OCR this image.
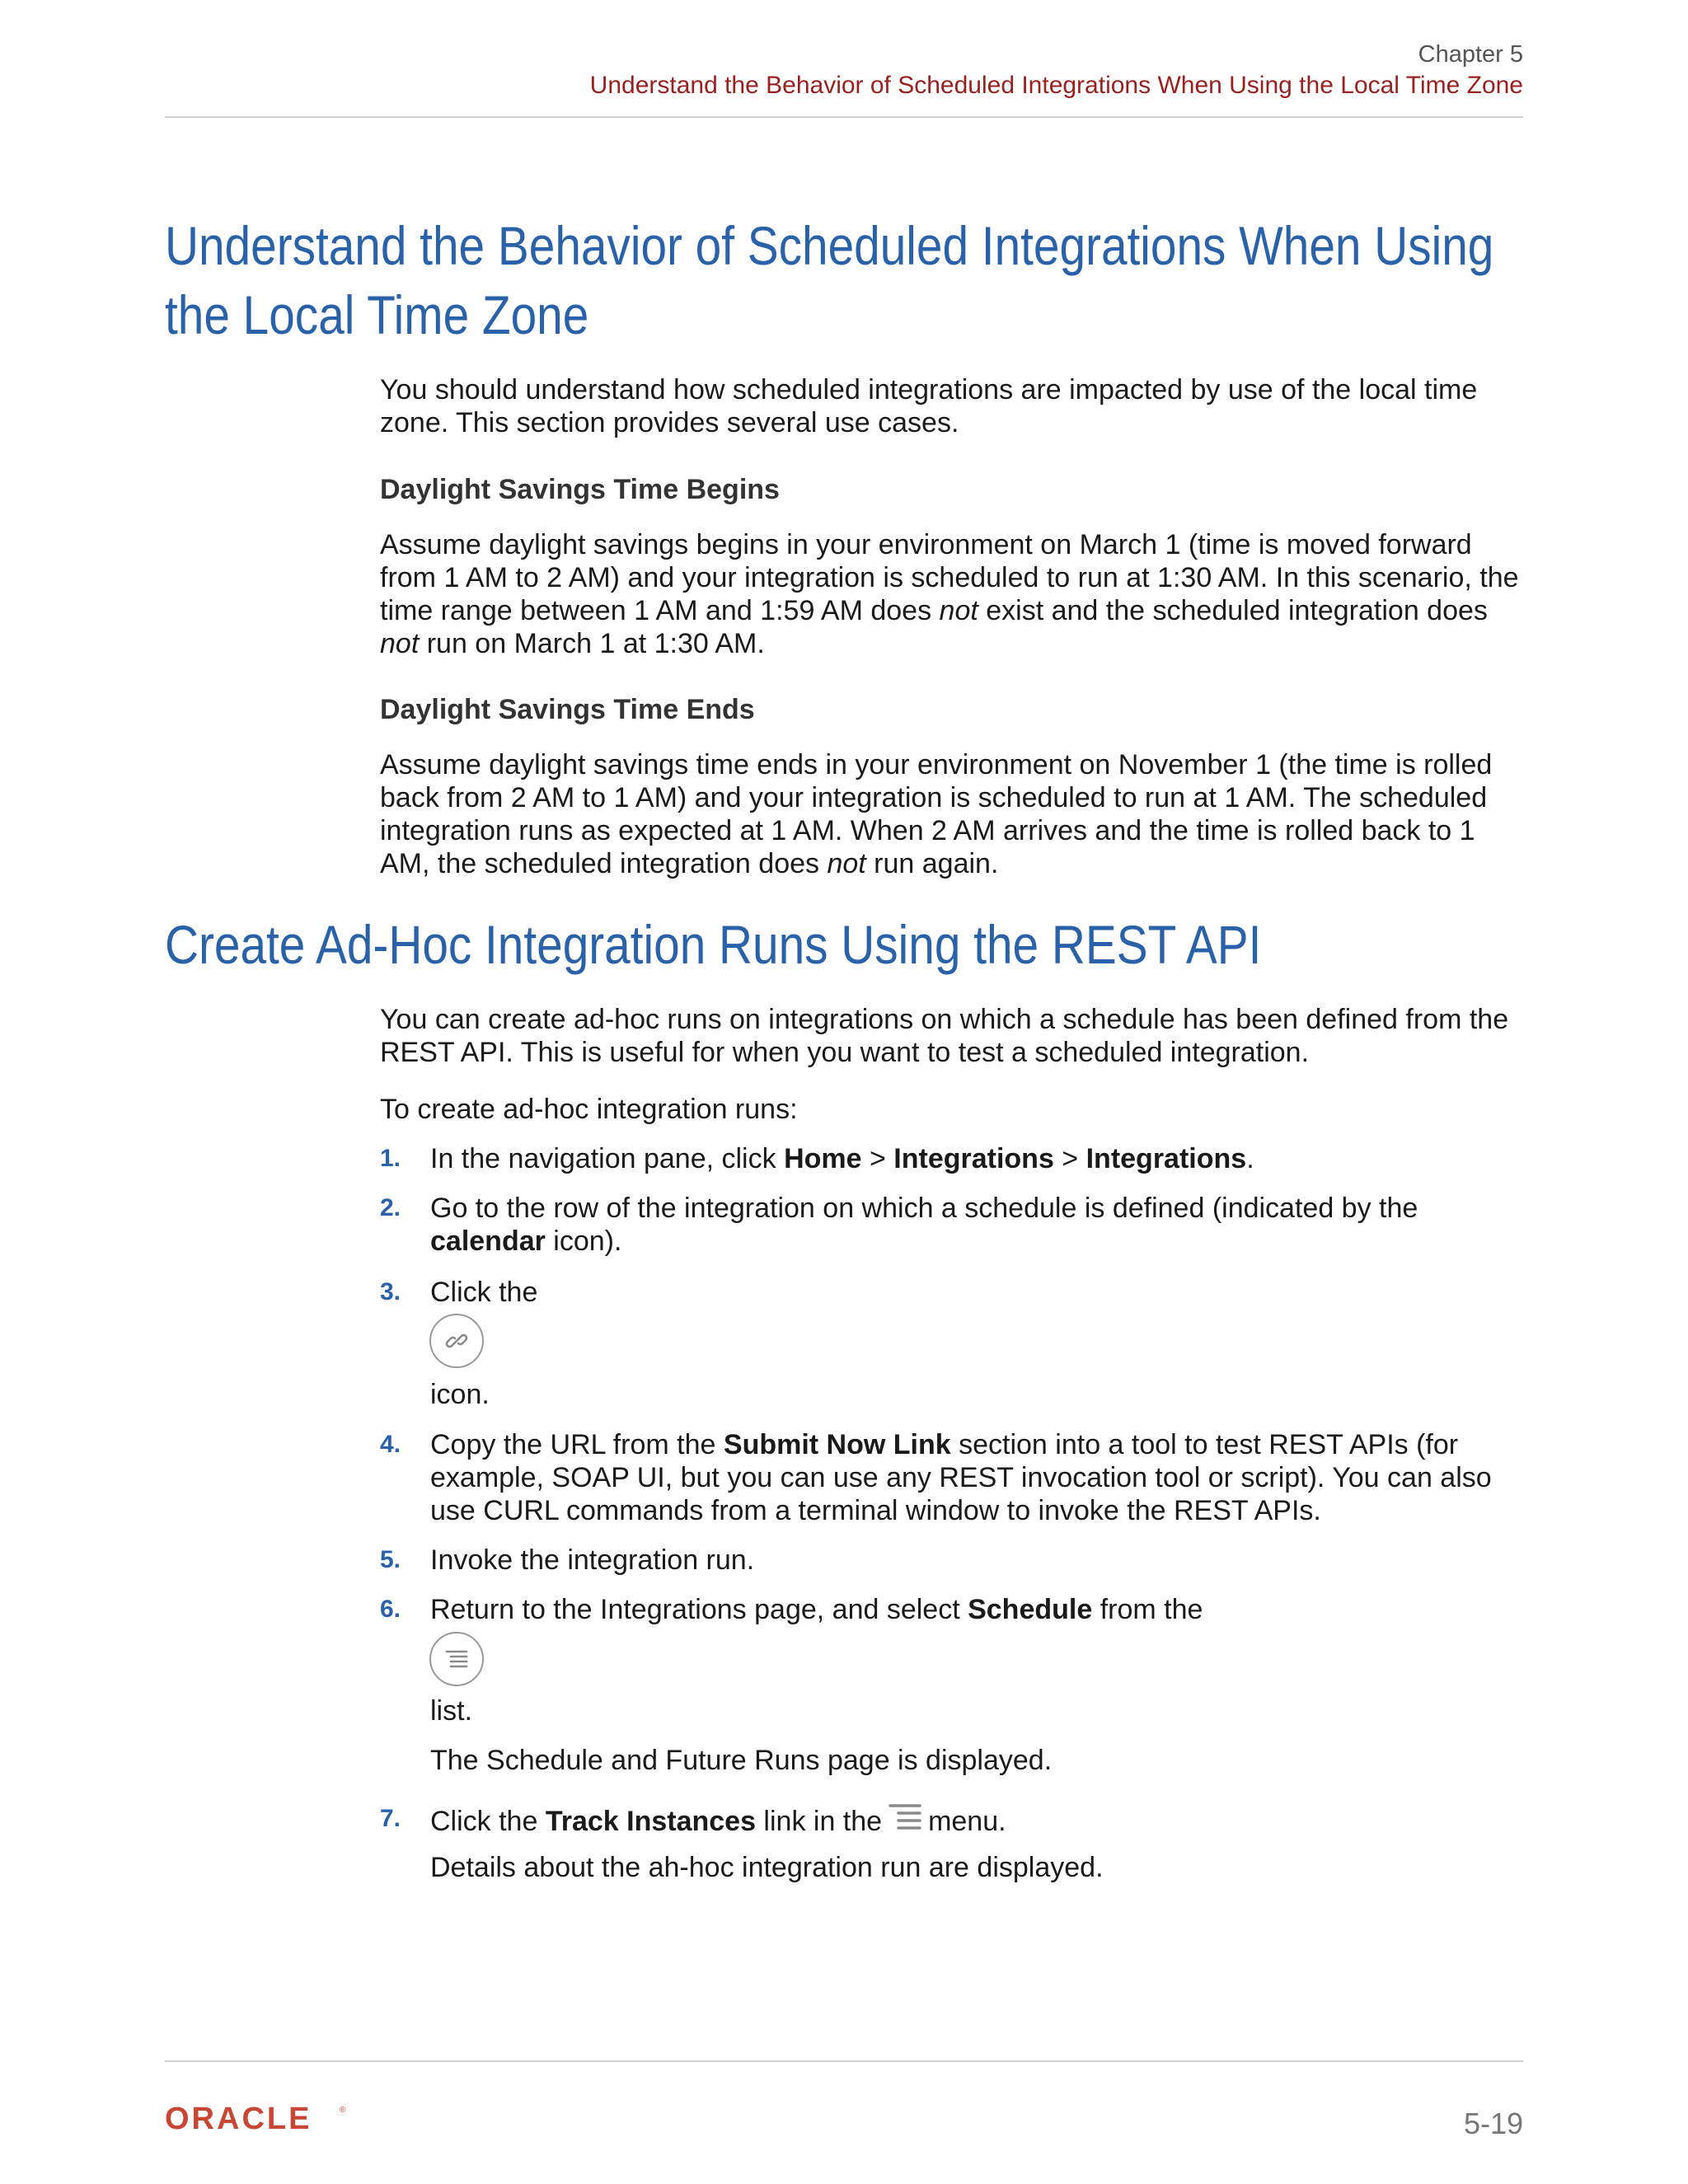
Chapter 5
Understand the Behavior of Scheduled Integrations When Using the Local Time Zone
Understand the Behavior of Scheduled Integrations When Using
the Local Time Zone

You should understand how scheduled integrations are impacted by use of the local time zone. This section provides several use cases.

Daylight Savings Time Begins

Assume daylight savings begins in your environment on March 1 (time is moved forward from 1 AM to 2 AM) and your integration is scheduled to run at 1:30 AM. In this scenario, the time range between 1 AM and 1:59 AM does not exist and the scheduled integration does not run on March 1 at 1:30 AM.

Daylight Savings Time Ends

Assume daylight savings time ends in your environment on November 1 (the time is rolled back from 2 AM to 1 AM) and your integration is scheduled to run at 1 AM. The scheduled integration runs as expected at 1 AM. When 2 AM arrives and the time is rolled back to 1 AM, the scheduled integration does not run again.

Create Ad-Hoc Integration Runs Using the REST API

You can create ad-hoc runs on integrations on which a schedule has been defined from the REST API. This is useful for when you want to test a scheduled integration.

To create ad-hoc integration runs:
1. In the navigation pane, click Home > Integrations > Integrations.
2. Go to the row of the integration on which a schedule is defined (indicated by the calendar icon).
3. Click the
icon.
4. Copy the URL from the Submit Now Link section into a tool to test REST APIs (for example, SOAP UI, but you can use any REST invocation tool or script). You can also use CURL commands from a terminal window to invoke the REST APIs.
5. Invoke the integration run.
6. Return to the Integrations page, and select Schedule from the
list.
The Schedule and Future Runs page is displayed.
7. Click the Track Instances link in the menu.
Details about the ah-hoc integration run are displayed.
ORACLE	®	5-19
